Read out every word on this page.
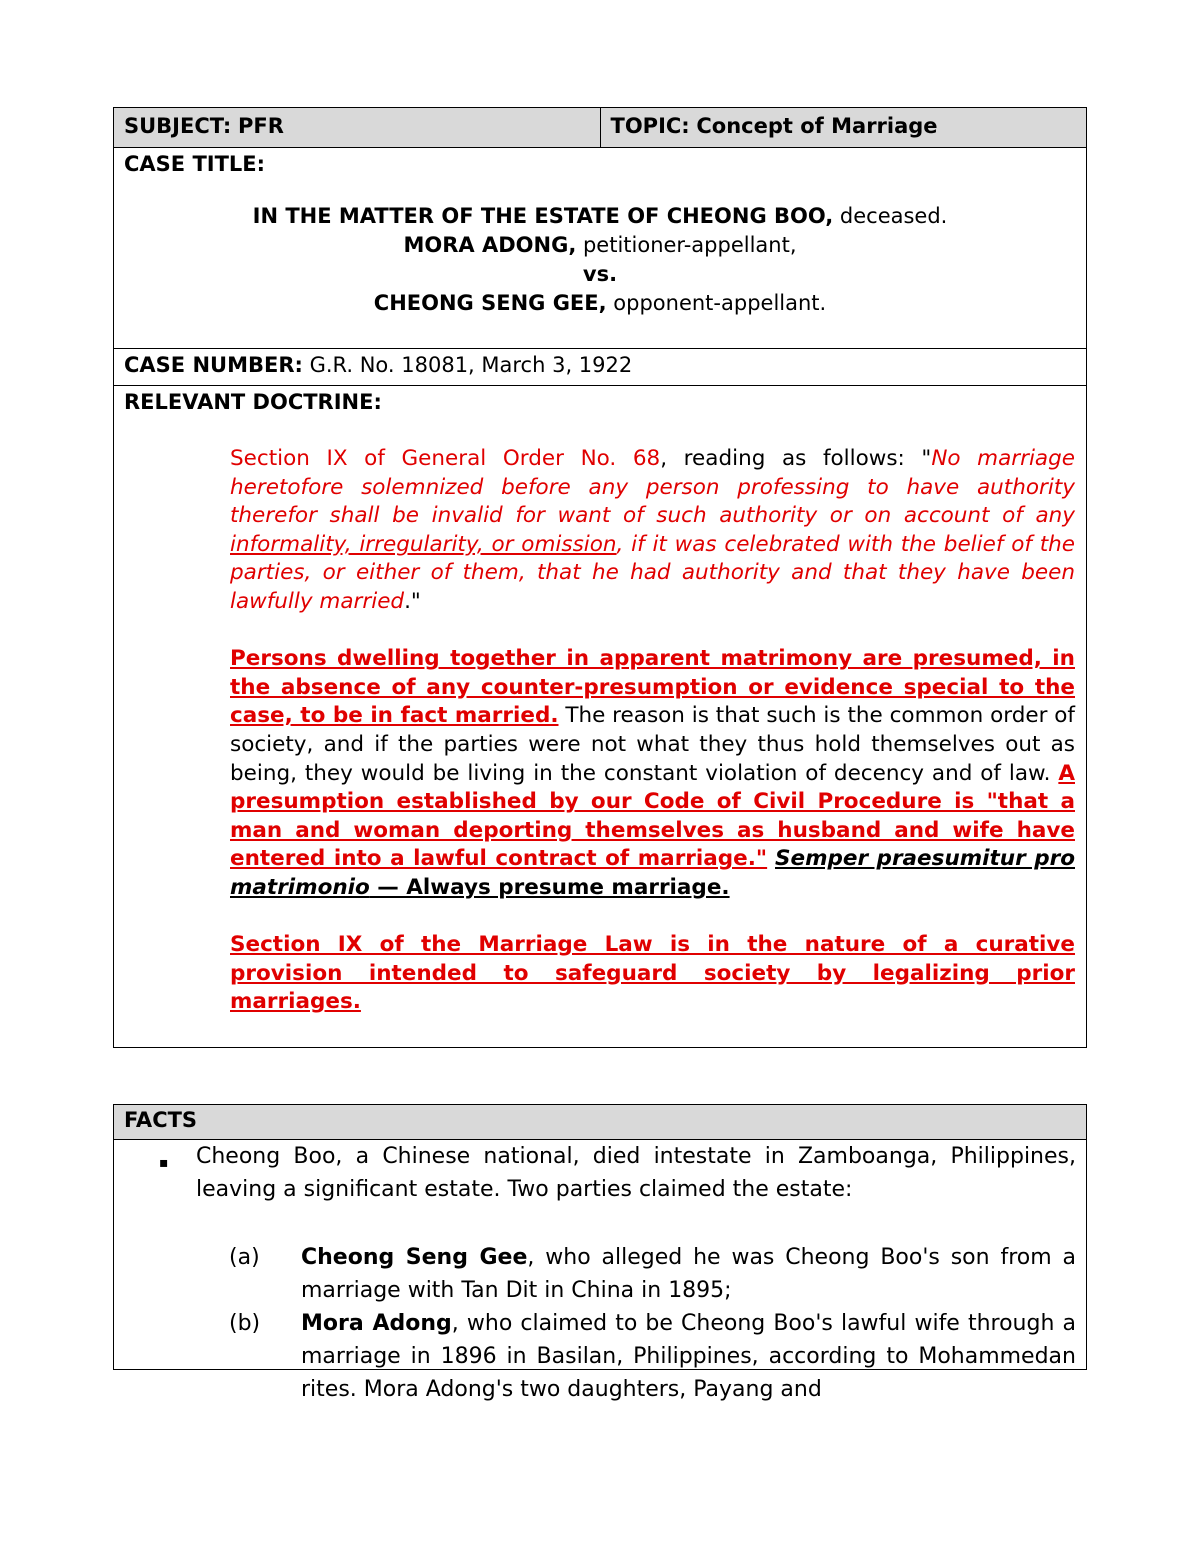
SUBJECT: PFR	TOPIC: Concept of Marriage
CASE TITLE:
IN THE MATTER OF THE ESTATE OF CHEONG BOO, deceased.
MORA ADONG, petitioner-appellant,
vs.
CHEONG SENG GEE, opponent-appellant.
CASE NUMBER: G.R. No. 18081, March 3, 1922
RELEVANT DOCTRINE:

Section IX of General Order No. 68, reading as follows: "No marriage heretofore solemnized before any person professing to have authority therefor shall be invalid for want of such authority or on account of any informality, irregularity, or omission, if it was celebrated with the belief of the parties, or either of them, that he had authority and that they have been lawfully married."

Persons dwelling together in apparent matrimony are presumed, in the absence of any counter-presumption or evidence special to the case, to be in fact married. The reason is that such is the common order of society, and if the parties were not what they thus hold themselves out as being, they would be living in the constant violation of decency and of law. A presumption established by our Code of Civil Procedure is "that a man and woman deporting themselves as husband and wife have entered into a lawful contract of marriage." Semper praesumitur pro matrimonio — Always presume marriage.

Section IX of the Marriage Law is in the nature of a curative provision intended to safeguard society by legalizing prior marriages.

FACTS
▪ Cheong Boo, a Chinese national, died intestate in Zamboanga, Philippines, leaving a significant estate. Two parties claimed the estate:
(a) Cheong Seng Gee, who alleged he was Cheong Boo's son from a marriage with Tan Dit in China in 1895;
(b) Mora Adong, who claimed to be Cheong Boo's lawful wife through a marriage in 1896 in Basilan, Philippines, according to Mohammedan rites. Mora Adong's two daughters, Payang and
